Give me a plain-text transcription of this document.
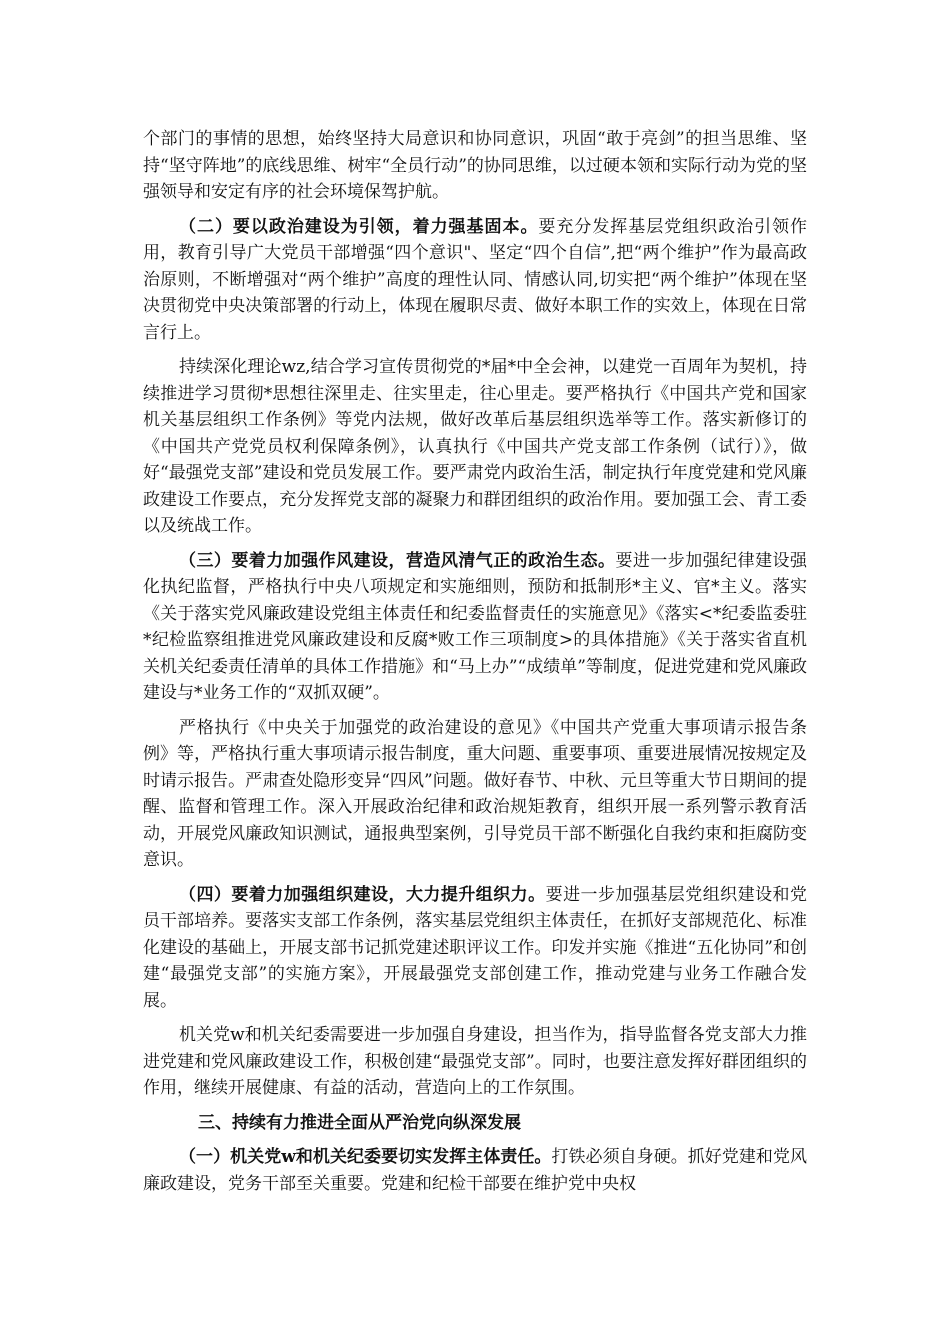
个部门的事情的思想，始终坚持大局意识和协同意识，巩固“敢于亮剑”的担当思维、坚持“坚守阵地”的底线思维、树牢“全员行动”的协同思维，以过硬本领和实际行动为党的坚强领导和安定有序的社会环境保驾护航。

（二）要以政治建设为引领，着力强基固本。要充分发挥基层党组织政治引领作用，教育引导广大党员干部增强“四个意识"、坚定“四个自信”,把“两个维护”作为最高政治原则，不断增强对“两个维护”高度的理性认同、情感认同,切实把“两个维护”体现在坚决贯彻党中央决策部署的行动上，体现在履职尽责、做好本职工作的实效上，体现在日常言行上。

持续深化理论wz,结合学习宣传贯彻党的*届*中全会神，以建党一百周年为契机，持续推进学习贯彻*思想往深里走、往实里走，往心里走。要严格执行《中国共产党和国家机关基层组织工作条例》等党内法规，做好改革后基层组织选举等工作。落实新修订的《中国共产党党员权利保障条例》，认真执行《中国共产党支部工作条例（试行）》，做好“最强党支部”建设和党员发展工作。要严肃党内政治生活，制定执行年度党建和党风廉政建设工作要点，充分发挥党支部的凝聚力和群团组织的政治作用。要加强工会、青工委以及统战工作。

（三）要着力加强作风建设，营造风清气正的政治生态。要进一步加强纪律建设强化执纪监督，严格执行中央八项规定和实施细则，预防和抵制形*主义、官*主义。落实《关于落实党风廉政建设党组主体责任和纪委监督责任的实施意见》《落实<*纪委监委驻*纪检监察组推进党风廉政建设和反腐*败工作三项制度>的具体措施》《关于落实省直机关机关纪委责任清单的具体工作措施》和“马上办”“成绩单”等制度，促进党建和党风廉政建设与*业务工作的“双抓双硬”。

严格执行《中央关于加强党的政治建设的意见》《中国共产党重大事项请示报告条例》等，严格执行重大事项请示报告制度，重大问题、重要事项、重要进展情况按规定及时请示报告。严肃查处隐形变异“四风”问题。做好春节、中秋、元旦等重大节日期间的提醒、监督和管理工作。深入开展政治纪律和政治规矩教育，组织开展一系列警示教育活动，开展党风廉政知识测试，通报典型案例，引导党员干部不断强化自我约束和拒腐防变意识。

（四）要着力加强组织建设，大力提升组织力。要进一步加强基层党组织建设和党员干部培养。要落实支部工作条例，落实基层党组织主体责任，在抓好支部规范化、标准化建设的基础上，开展支部书记抓党建述职评议工作。印发并实施《推进“五化协同”和创建“最强党支部”的实施方案》，开展最强党支部创建工作，推动党建与业务工作融合发展。

机关党w和机关纪委需要进一步加强自身建设，担当作为，指导监督各党支部大力推进党建和党风廉政建设工作，积极创建“最强党支部”。同时，也要注意发挥好群团组织的作用，继续开展健康、有益的活动，营造向上的工作氛围。

三、持续有力推进全面从严治党向纵深发展

（一）机关党w和机关纪委要切实发挥主体责任。打铁必须自身硬。抓好党建和党风廉政建设，党务干部至关重要。党建和纪检干部要在维护党中央权
